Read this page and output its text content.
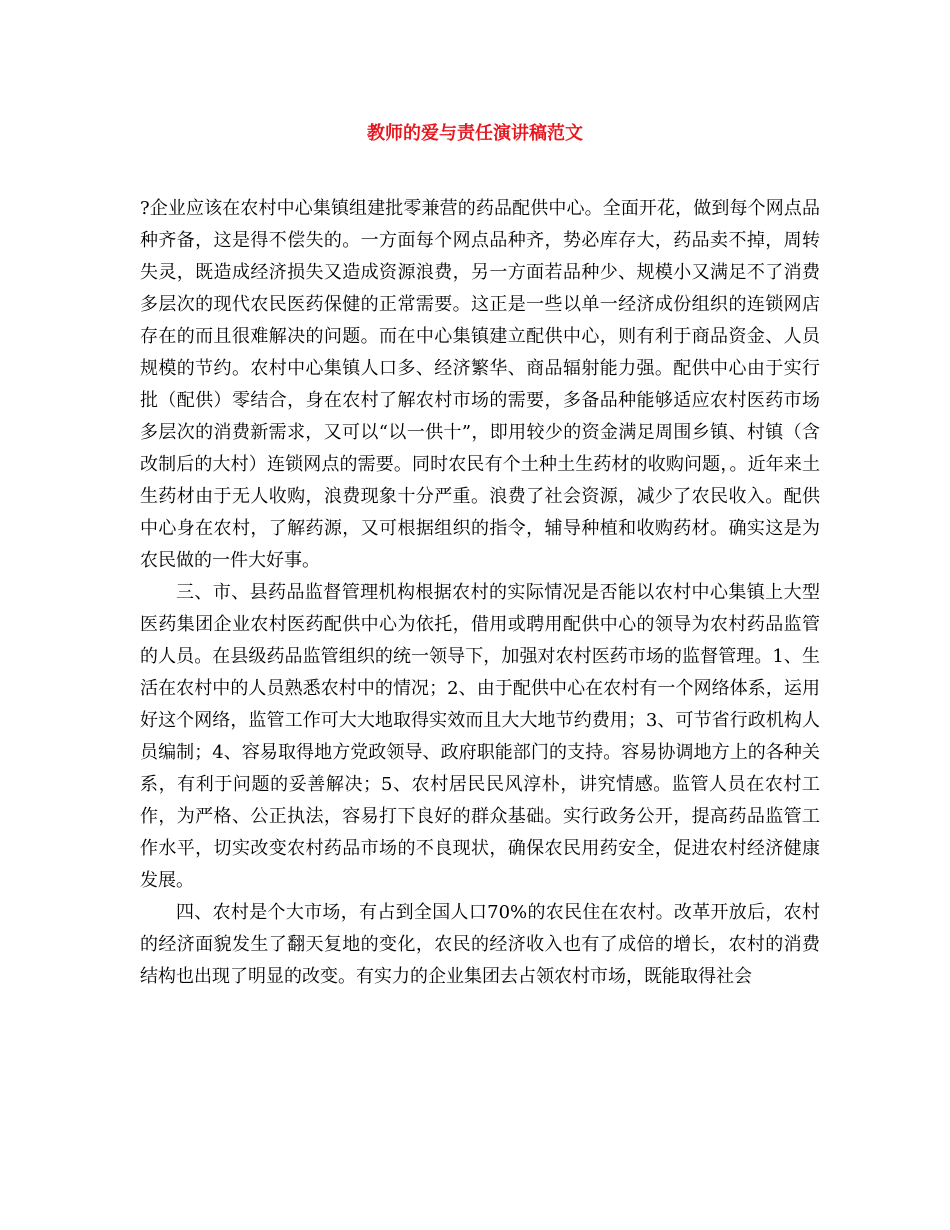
教师的爱与责任演讲稿范文

?企业应该在农村中心集镇组建批零兼营的药品配供中心。全面开花，做到每个网点品种齐备，这是得不偿失的。一方面每个网点品种齐，势必库存大，药品卖不掉，周转失灵，既造成经济损失又造成资源浪费，另一方面若品种少、规模小又满足不了消费多层次的现代农民医药保健的正常需要。这正是一些以单一经济成份组织的连锁网店存在的而且很难解决的问题。而在中心集镇建立配供中心，则有利于商品资金、人员规模的节约。农村中心集镇人口多、经济繁华、商品辐射能力强。配供中心由于实行批（配供）零结合，身在农村了解农村市场的需要，多备品种能够适应农村医药市场多层次的消费新需求，又可以“以一供十”，即用较少的资金满足周围乡镇、村镇（含改制后的大村）连锁网点的需要。同时农民有个土种土生药材的收购问题，。近年来土生药材由于无人收购，浪费现象十分严重。浪费了社会资源，减少了农民收入。配供中心身在农村，了解药源，又可根据组织的指令，辅导种植和收购药材。确实这是为农民做的一件大好事。

三、市、县药品监督管理机构根据农村的实际情况是否能以农村中心集镇上大型医药集团企业农村医药配供中心为依托，借用或聘用配供中心的领导为农村药品监管的人员。在县级药品监管组织的统一领导下，加强对农村医药市场的监督管理。1、生活在农村中的人员熟悉农村中的情况；2、由于配供中心在农村有一个网络体系，运用好这个网络，监管工作可大大地取得实效而且大大地节约费用；3、可节省行政机构人员编制；4、容易取得地方党政领导、政府职能部门的支持。容易协调地方上的各种关系，有利于问题的妥善解决；5、农村居民民风淳朴，讲究情感。监管人员在农村工作，为严格、公正执法，容易打下良好的群众基础。实行政务公开，提高药品监管工作水平，切实改变农村药品市场的不良现状，确保农民用药安全，促进农村经济健康发展。

四、农村是个大市场，有占到全国人口70%的农民住在农村。改革开放后，农村的经济面貌发生了翻天复地的变化，农民的经济收入也有了成倍的增长，农村的消费结构也出现了明显的改变。有实力的企业集团去占领农村市场，既能取得社会
